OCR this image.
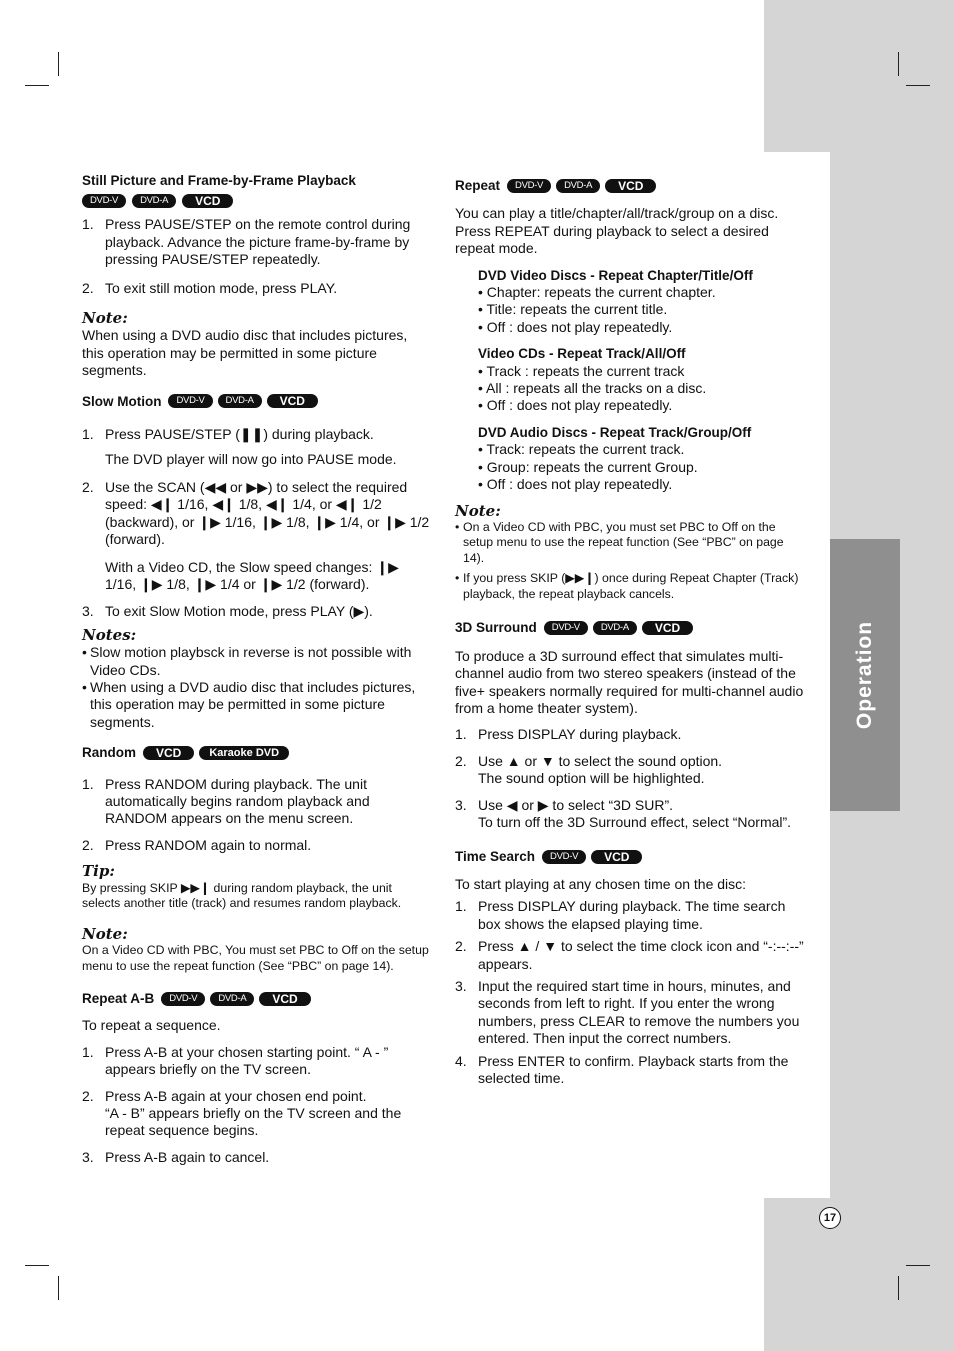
Operation
17
Still Picture and Frame-by-Frame Playback
DVD-V	DVD-A	VCD
1. Press PAUSE/STEP on the remote control during playback. Advance the picture frame-by-frame by pressing PAUSE/STEP repeatedly.
2. To exit still motion mode, press PLAY.
Note:
When using a DVD audio disc that includes pictures, this operation may be permitted in some picture segments.
Slow Motion	DVD-V	DVD-A	VCD
1. Press PAUSE/STEP (❚❚) during playback.
The DVD player will now go into PAUSE mode.
2. Use the SCAN (◀◀ or ▶▶) to select the required speed: ◀❙ 1/16, ◀❙ 1/8, ◀❙ 1/4, or ◀❙ 1/2 (backward), or ❙▶ 1/16, ❙▶ 1/8, ❙▶ 1/4, or ❙▶ 1/2 (forward).
With a Video CD, the Slow speed changes: ❙▶ 1/16, ❙▶ 1/8, ❙▶ 1/4 or ❙▶ 1/2 (forward).
3. To exit Slow Motion mode, press PLAY (▶).
Notes:
• Slow motion playbsck in reverse is not possible with Video CDs.
• When using a DVD audio disc that includes pictures, this operation may be permitted in some picture segments.
Random	VCD	Karaoke DVD
1. Press RANDOM during playback. The unit automatically begins random playback and RANDOM appears on the menu screen.
2. Press RANDOM again to normal.
Tip:
By pressing SKIP ▶▶❙ during random playback, the unit selects another title (track) and resumes random playback.
Note:
On a Video CD with PBC, You must set PBC to Off on the setup menu to use the repeat function (See “PBC” on page 14).
Repeat A-B	DVD-V	DVD-A	VCD

To repeat a sequence.

1. Press A-B at your chosen starting point. “ A - ” appears briefly on the TV screen.
2. Press A-B again at your chosen end point.
“A - B” appears briefly on the TV screen and the repeat sequence begins.
3. Press A-B again to cancel.
Repeat	DVD-V	DVD-A	VCD

You can play a title/chapter/all/track/group on a disc. Press REPEAT during playback to select a desired repeat mode.

DVD Video Discs - Repeat Chapter/Title/Off
• Chapter: repeats the current chapter.
• Title: repeats the current title.
• Off : does not play repeatedly.
Video CDs - Repeat Track/All/Off
• Track : repeats the current track
• All : repeats all the tracks on a disc.
• Off : does not play repeatedly.
DVD Audio Discs - Repeat Track/Group/Off
• Track: repeats the current track.
• Group: repeats the current Group.
• Off : does not play repeatedly.
Note:
• On a Video CD with PBC, you must set PBC to Off on the setup menu to use the repeat function (See “PBC” on page 14).
• If you press SKIP (▶▶❙) once during Repeat Chapter (Track) playback, the repeat playback cancels.
3D Surround	DVD-V	DVD-A	VCD

To produce a 3D surround effect that simulates multi-channel audio from two stereo speakers (instead of the five+ speakers normally required for multi-channel audio from a home theater system).

1. Press DISPLAY during playback.
2. Use ▲ or ▼ to select the sound option.
The sound option will be highlighted.
3. Use ◀ or ▶ to select “3D SUR”.
To turn off the 3D Surround effect, select “Normal”.
Time Search	DVD-V	VCD

To start playing at any chosen time on the disc:

1. Press DISPLAY during playback. The time search box shows the elapsed playing time.
2. Press ▲ / ▼ to select the time clock icon and “-:--:--” appears.
3. Input the required start time in hours, minutes, and seconds from left to right. If you enter the wrong numbers, press CLEAR to remove the numbers you entered. Then input the correct numbers.
4. Press ENTER to confirm. Playback starts from the selected time.
